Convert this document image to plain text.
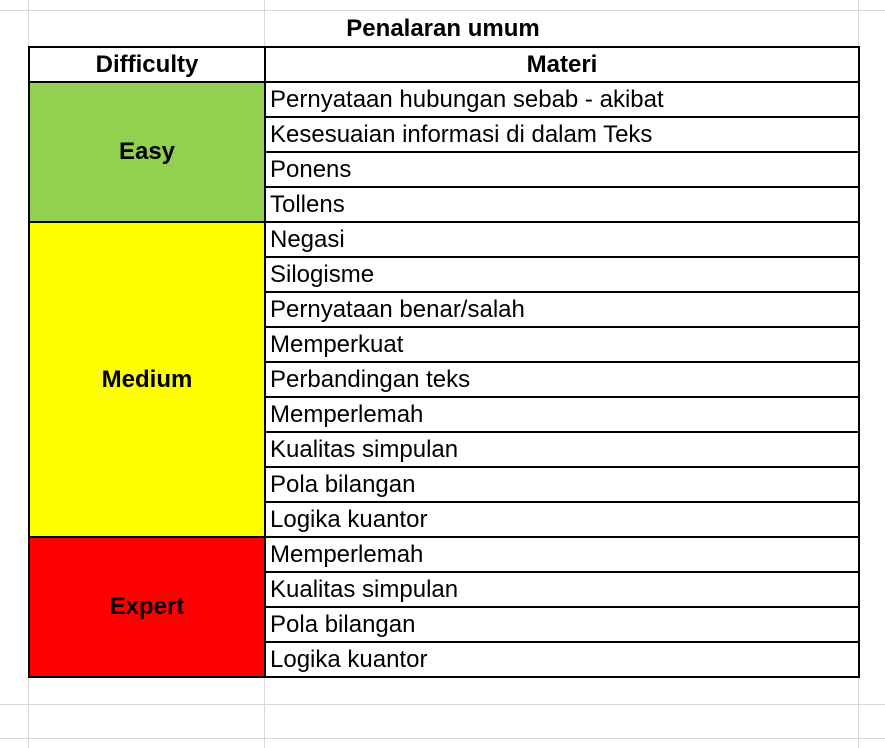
Penalaran umum
Difficulty	Materi
Easy	Pernyataan hubungan sebab - akibat
	Kesesuaian informasi di dalam Teks
	Ponens
	Tollens
Medium	Negasi
	Silogisme
	Pernyataan benar/salah
	Memperkuat
	Perbandingan teks
	Memperlemah
	Kualitas simpulan
	Pola bilangan
	Logika kuantor
Expert	Memperlemah
	Kualitas simpulan
	Pola bilangan
	Logika kuantor
